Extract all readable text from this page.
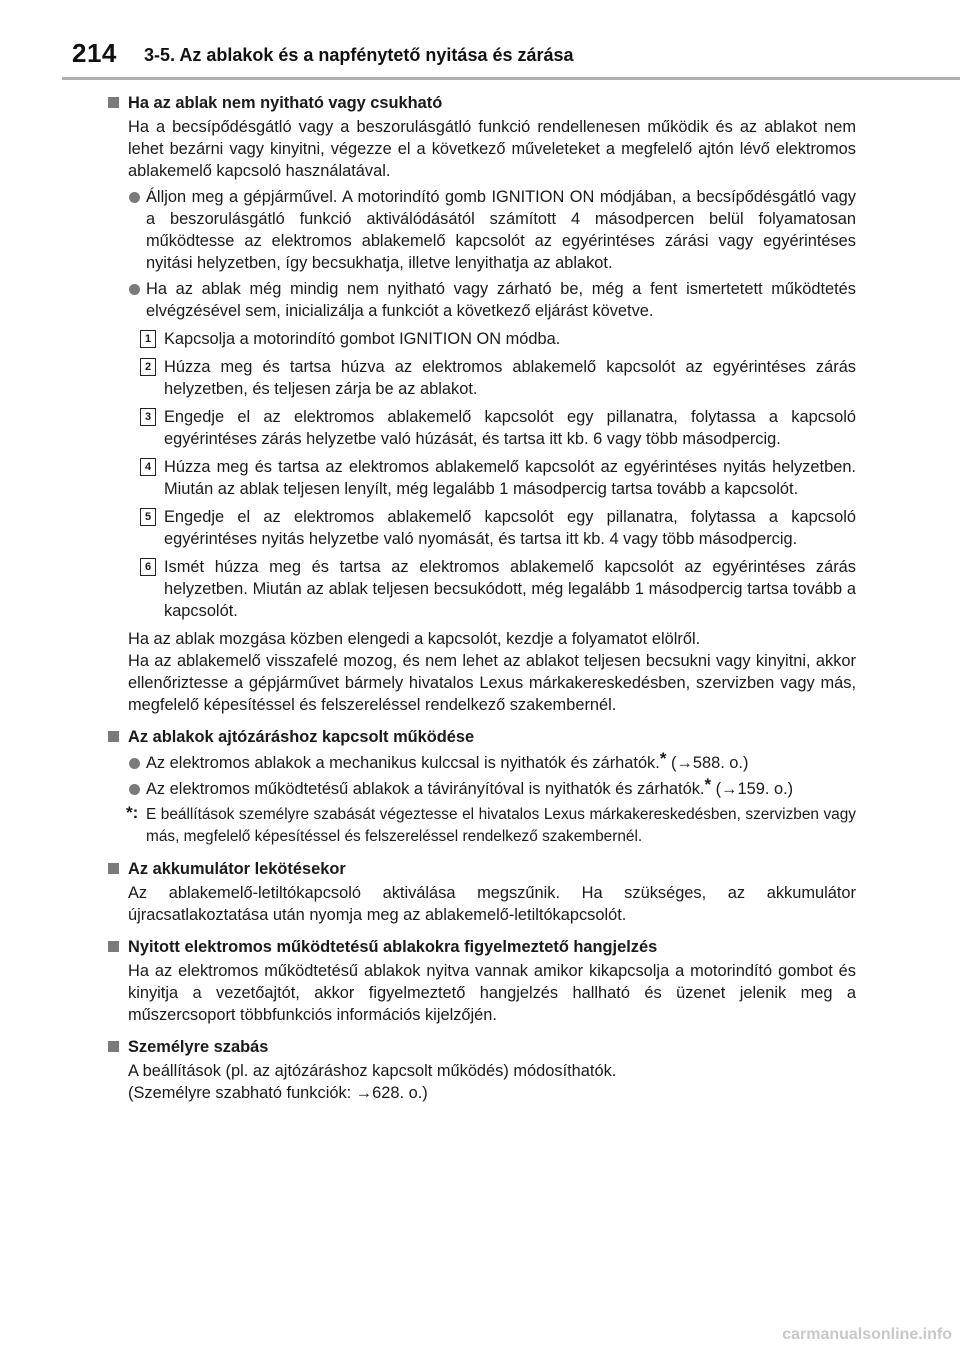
214 3-5. Az ablakok és a napfénytető nyitása és zárása
Ha az ablak nem nyitható vagy csukható
Ha a becsípődésgátló vagy a beszorulásgátló funkció rendellenesen működik és az ablakot nem lehet bezárni vagy kinyitni, végezze el a következő műveleteket a megfelelő ajtón lévő elektromos ablakemelő kapcsoló használatával.
Álljon meg a gépjárművel. A motorindító gomb IGNITION ON módjában, a becsípődésgátló vagy a beszorulásgátló funkció aktiválódásától számított 4 másodpercen belül folyamatosan működtesse az elektromos ablakemelő kapcsolót az egyérintéses zárási vagy egyérintéses nyitási helyzetben, így becsukhatja, illetve lenyithatja az ablakot.
Ha az ablak még mindig nem nyitható vagy zárható be, még a fent ismertetett működtetés elvégzésével sem, inicializálja a funkciót a következő eljárást követve.
1 Kapcsolja a motorindító gombot IGNITION ON módba.
2 Húzza meg és tartsa húzva az elektromos ablakemelő kapcsolót az egyérintéses zárás helyzetben, és teljesen zárja be az ablakot.
3 Engedje el az elektromos ablakemelő kapcsolót egy pillanatra, folytassa a kapcsoló egyérintéses zárás helyzetbe való húzását, és tartsa itt kb. 6 vagy több másodpercig.
4 Húzza meg és tartsa az elektromos ablakemelő kapcsolót az egyérintéses nyitás helyzetben. Miután az ablak teljesen lenyílt, még legalább 1 másodpercig tartsa tovább a kapcsolót.
5 Engedje el az elektromos ablakemelő kapcsolót egy pillanatra, folytassa a kapcsoló egyérintéses nyitás helyzetbe való nyomását, és tartsa itt kb. 4 vagy több másodpercig.
6 Ismét húzza meg és tartsa az elektromos ablakemelő kapcsolót az egyérintéses zárás helyzetben. Miután az ablak teljesen becsukódott, még legalább 1 másodpercig tartsa tovább a kapcsolót.
Ha az ablak mozgása közben elengedi a kapcsolót, kezdje a folyamatot elölről.
Ha az ablakemelő visszafelé mozog, és nem lehet az ablakot teljesen becsukni vagy kinyitni, akkor ellenőriztesse a gépjárművet bármely hivatalos Lexus márkakereskedésben, szervizben vagy más, megfelelő képesítéssel és felszereléssel rendelkező szakembernél.
Az ablakok ajtózáráshoz kapcsolt működése
Az elektromos ablakok a mechanikus kulccsal is nyithatók és zárhatók.* (→588. o.)
Az elektromos működtetésű ablakok a távirányítóval is nyithatók és zárhatók.* (→159. o.)
*: E beállítások személyre szabását végeztesse el hivatalos Lexus márkakereskedésben, szervizben vagy más, megfelelő képesítéssel és felszereléssel rendelkező szakembernél.
Az akkumulátor lekötésekor
Az ablakemelő-letiltókapcsoló aktiválása megszűnik. Ha szükséges, az akkumulátor újracsatlakoztatása után nyomja meg az ablakemelő-letiltókapcsolót.
Nyitott elektromos működtetésű ablakokra figyelmeztető hangjelzés
Ha az elektromos működtetésű ablakok nyitva vannak amikor kikapcsolja a motorindító gombot és kinyitja a vezetőajtót, akkor figyelmeztető hangjelzés hallható és üzenet jelenik meg a műszercsoport többfunkciós információs kijelzőjén.
Személyre szabás
A beállítások (pl. az ajtózáráshoz kapcsolt működés) módosíthatók.
(Személyre szabható funkciók: →628. o.)
carmanualsonline.info
